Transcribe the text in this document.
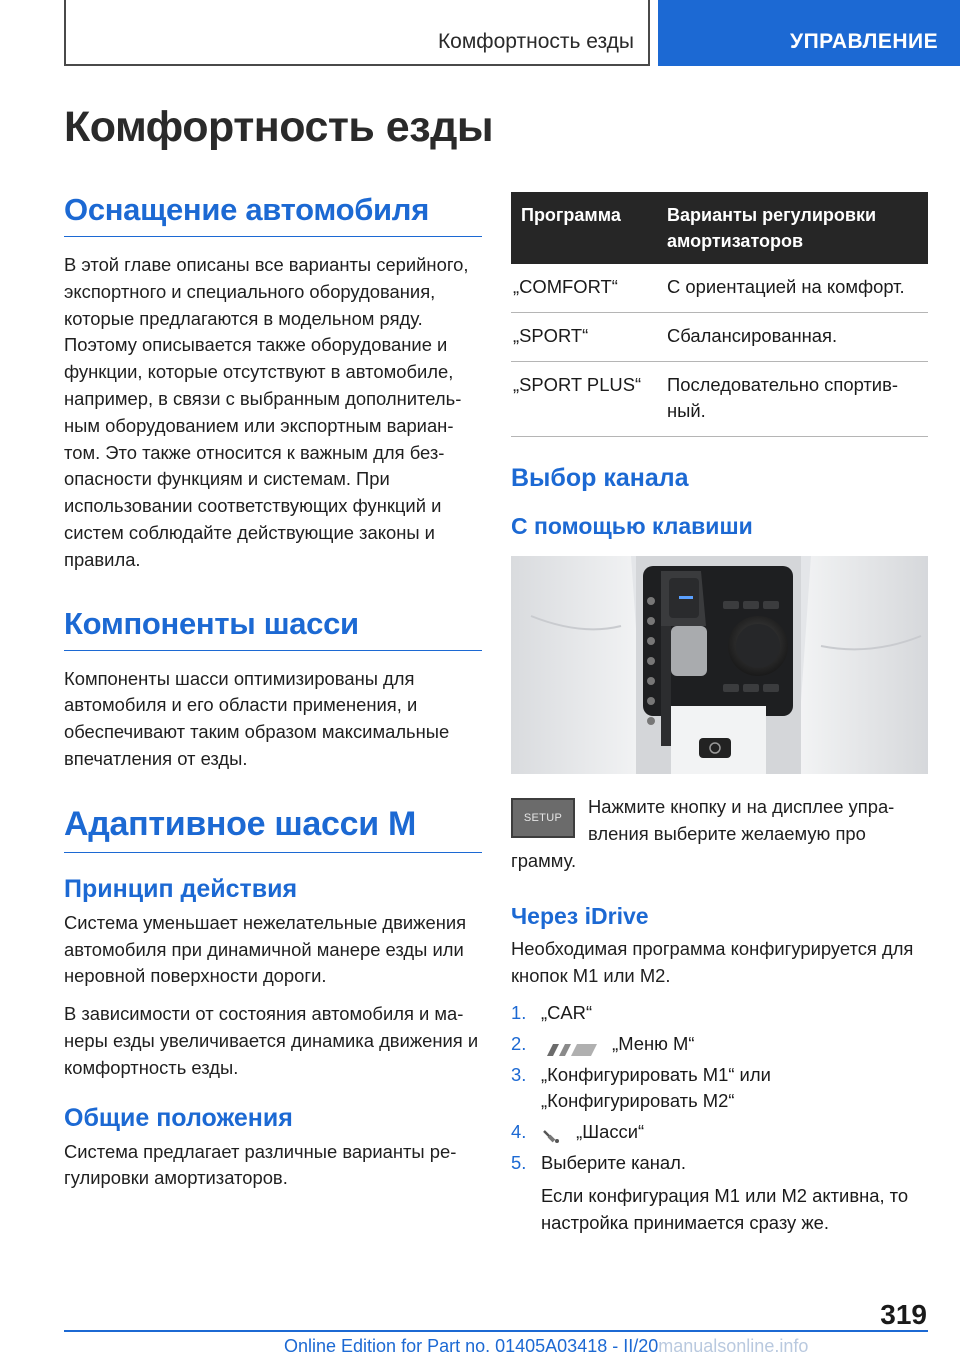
Комфортность езды	УПРАВЛЕНИЕ
Комфортность езды
Оснащение автомобиля

В этой главе описаны все варианты серийного, экспортного и специального оборудования, которые предлагаются в модельном ряду. Поэтому описывается также оборудование и функции, которые отсутствуют в автомобиле, например, в связи с выбранным дополнительным оборудованием или экспортным вариантом. Это также относится к важным для безопасности функциям и системам. При использовании соответствующих функций и систем соблюдайте действующие законы и правила.

Компоненты шасси

Компоненты шасси оптимизированы для автомобиля и его области применения, и обеспечивают таким образом максимальные впечатления от езды.

Адаптивное шасси M
Принцип действия

Система уменьшает нежелательные движения автомобиля при динамичной манере езды или неровной поверхности дороги.

В зависимости от состояния автомобиля и манеры езды увеличивается динамика движения и комфортность езды.

Общие положения

Система предлагает различные варианты регулировки амортизаторов.

Программа	Варианты регулировки амортизаторов
„COMFORT“	С ориентацией на комфорт.
„SPORT“	Сбалансированная.
„SPORT PLUS“	Последовательно спортивный.
Выбор канала
С помощью клавиши
SETUP

Нажмите кнопку и на дисплее управления выберите желаемую про

грамму.

Через iDrive

Необходимая программа конфигурируется для кнопок M1 или M2.

1. „CAR“
2.	„Меню M“
3. „Конфигурировать M1“ или „Конфигурировать M2“
4.	„Шасси“
5. Выберите канал.

Если конфигурация M1 или M2 активна, то настройка принимается сразу же.

319
Online Edition for Part no. 01405A03418 - II/20manualsonline.info
